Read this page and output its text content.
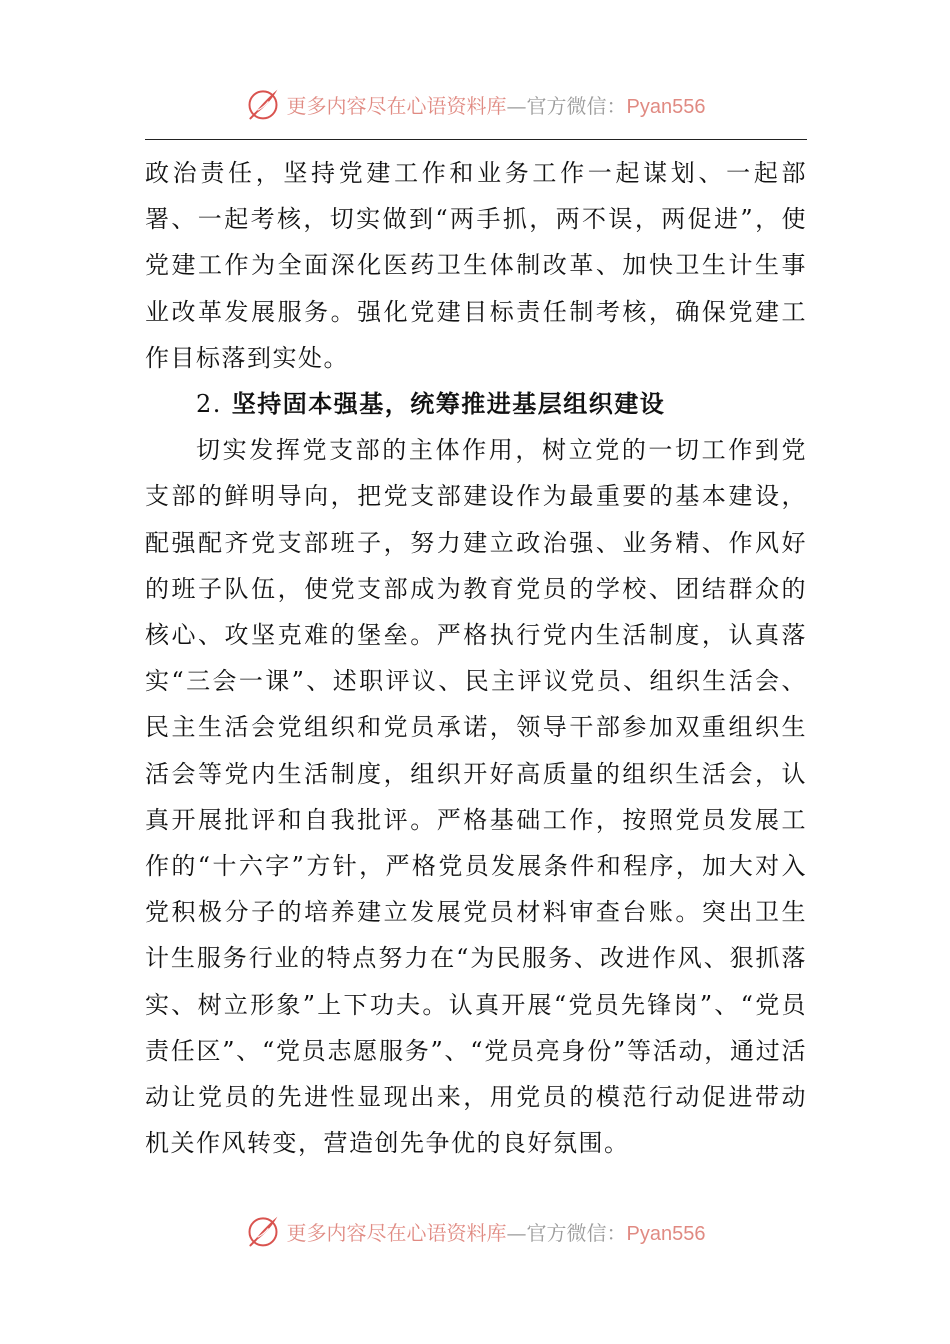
更多内容尽在心语资料库—官方微信：Pyan556

政治责任，坚持党建工作和业务工作一起谋划、一起部署、一起考核，切实做到“两手抓，两不误，两促进”，使党建工作为全面深化医药卫生体制改革、加快卫生计生事业改革发展服务。强化党建目标责任制考核，确保党建工作目标落到实处。

2. 坚持固本强基，统筹推进基层组织建设

切实发挥党支部的主体作用，树立党的一切工作到党支部的鲜明导向，把党支部建设作为最重要的基本建设，配强配齐党支部班子，努力建立政治强、业务精、作风好的班子队伍，使党支部成为教育党员的学校、团结群众的核心、攻坚克难的堡垒。严格执行党内生活制度，认真落实“三会一课”、述职评议、民主评议党员、组织生活会、民主生活会党组织和党员承诺，领导干部参加双重组织生活会等党内生活制度，组织开好高质量的组织生活会，认真开展批评和自我批评。严格基础工作，按照党员发展工作的“十六字”方针，严格党员发展条件和程序，加大对入党积极分子的培养建立发展党员材料审查台账。突出卫生计生服务行业的特点努力在“为民服务、改进作风、狠抓落实、树立形象”上下功夫。认真开展“党员先锋岗”、“党员责任区”、“党员志愿服务”、“党员亮身份”等活动，通过活动让党员的先进性显现出来，用党员的模范行动促进带动机关作风转变，营造创先争优的良好氛围。

更多内容尽在心语资料库—官方微信：Pyan556
